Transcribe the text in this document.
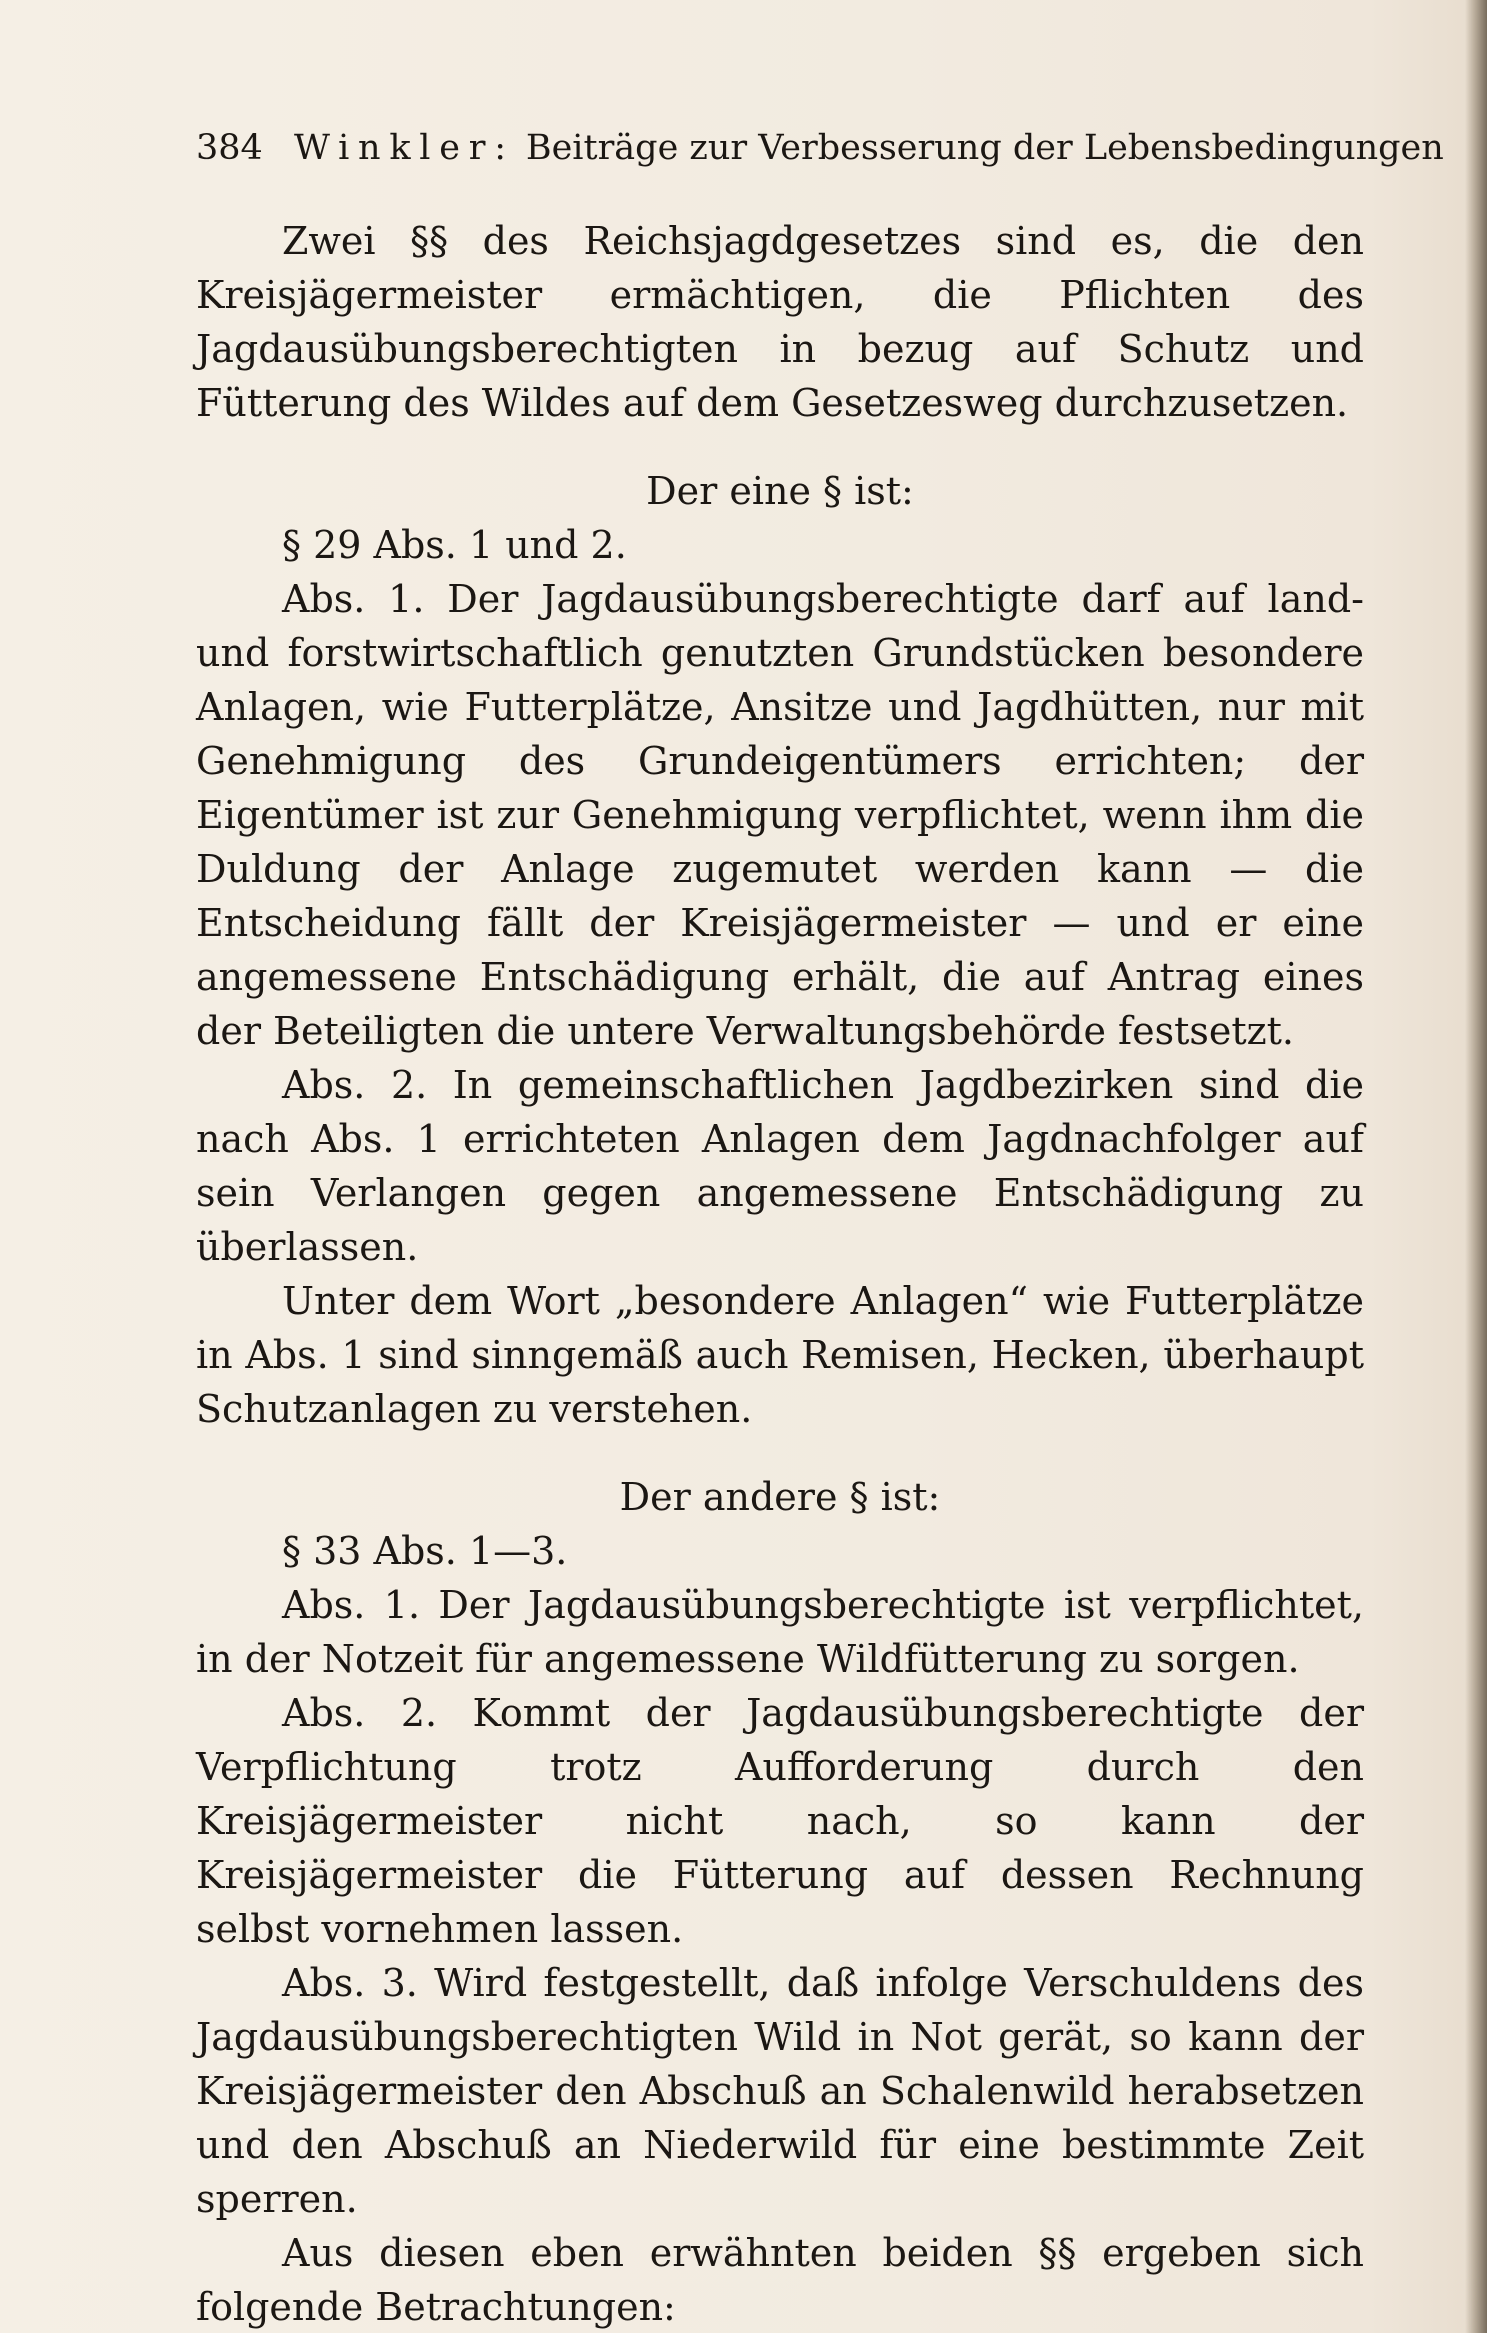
384 Winkler: Beiträge zur Verbesserung der Lebensbedingungen

Zwei §§ des Reichsjagdgesetzes sind es, die den Kreisjägermeister ermächtigen, die Pflichten des Jagdausübungsberechtigten in bezug auf Schutz und Fütterung des Wildes auf dem Gesetzesweg durchzusetzen.

Der eine § ist:

§ 29 Abs. 1 und 2.

Abs. 1. Der Jagdausübungsberechtigte darf auf land- und forstwirtschaftlich genutzten Grundstücken besondere Anlagen, wie Futterplätze, Ansitze und Jagdhütten, nur mit Genehmigung des Grundeigentümers errichten; der Eigentümer ist zur Genehmigung verpflichtet, wenn ihm die Duldung der Anlage zugemutet werden kann — die Entscheidung fällt der Kreisjägermeister — und er eine angemessene Entschädigung erhält, die auf Antrag eines der Beteiligten die untere Verwaltungsbehörde festsetzt.

Abs. 2. In gemeinschaftlichen Jagdbezirken sind die nach Abs. 1 errichteten Anlagen dem Jagdnachfolger auf sein Verlangen gegen angemessene Entschädigung zu überlassen.

Unter dem Wort „besondere Anlagen“ wie Futterplätze in Abs. 1 sind sinngemäß auch Remisen, Hecken, überhaupt Schutzanlagen zu verstehen.

Der andere § ist:

§ 33 Abs. 1—3.

Abs. 1. Der Jagdausübungsberechtigte ist verpflichtet, in der Notzeit für angemessene Wildfütterung zu sorgen.

Abs. 2. Kommt der Jagdausübungsberechtigte der Verpflichtung trotz Aufforderung durch den Kreisjägermeister nicht nach, so kann der Kreisjägermeister die Fütterung auf dessen Rechnung selbst vornehmen lassen.

Abs. 3. Wird festgestellt, daß infolge Verschuldens des Jagdausübungsberechtigten Wild in Not gerät, so kann der Kreisjägermeister den Abschuß an Schalenwild herabsetzen und den Abschuß an Niederwild für eine bestimmte Zeit sperren.

Aus diesen eben erwähnten beiden §§ ergeben sich folgende Betrachtungen:
